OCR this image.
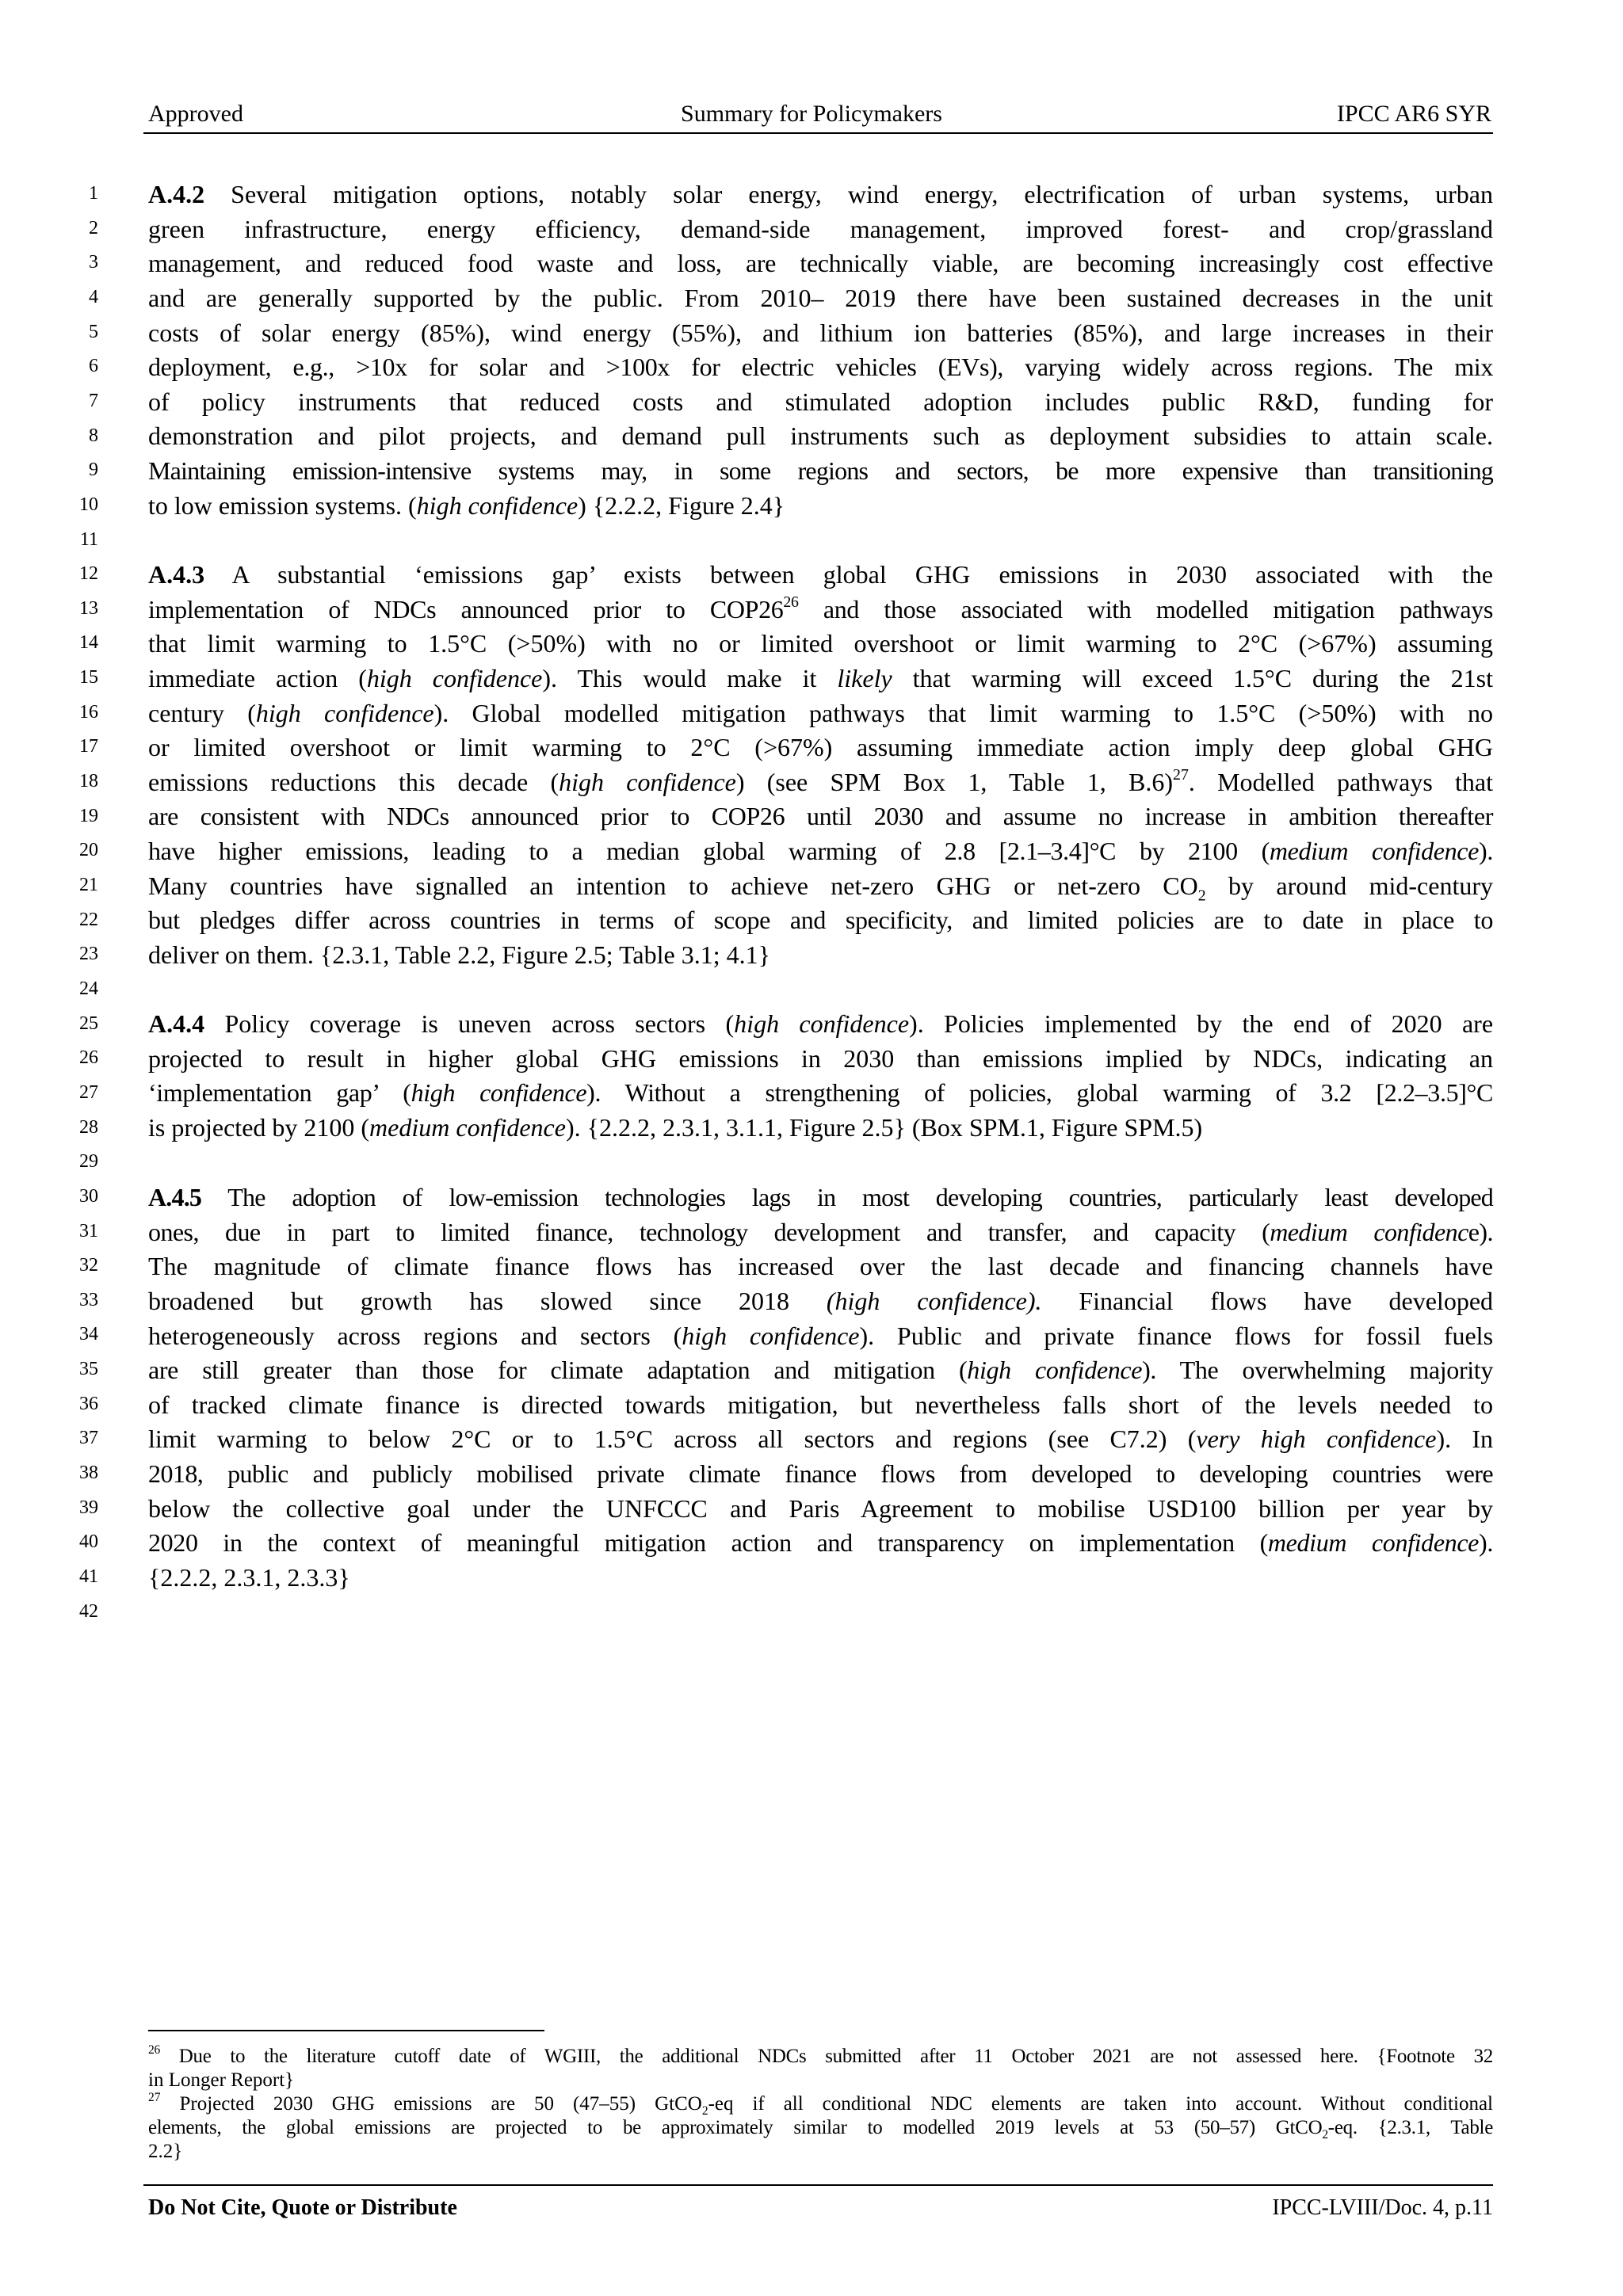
Approved	Summary for Policymakers	IPCC AR6 SYR
1
2
3
4
5
6
7
8
9
10
11
12
13
14
15
16
17
18
19
20
21
22
23
24
25
26
27
28
29
30
31
32
33
34
35
36
37
38
39
40
41
42
A.4.2 Several mitigation options, notably solar energy, wind energy, electrification of urban systems, urban
green infrastructure, energy efficiency, demand-side management, improved forest- and crop/grassland
management, and reduced food waste and loss, are technically viable, are becoming increasingly cost effective
and are generally supported by the public. From 2010– 2019 there have been sustained decreases in the unit
costs of solar energy (85%), wind energy (55%), and lithium ion batteries (85%), and large increases in their
deployment, e.g., >10x for solar and >100x for electric vehicles (EVs), varying widely across regions. The mix
of policy instruments that reduced costs and stimulated adoption includes public R&D, funding for
demonstration and pilot projects, and demand pull instruments such as deployment subsidies to attain scale.
Maintaining emission-intensive systems may, in some regions and sectors, be more expensive than transitioning
to low emission systems. (high confidence) {2.2.2, Figure 2.4}
A.4.3 A substantial ‘emissions gap’ exists between global GHG emissions in 2030 associated with the
implementation of NDCs announced prior to $COP26^{26}$ and those associated with modelled mitigation pathways
that limit warming to 1.5°C (>50%) with no or limited overshoot or limit warming to 2°C (>67%) assuming
immediate action (high confidence). This would make it likely that warming will exceed 1.5°C during the 21st
century (high confidence). Global modelled mitigation pathways that limit warming to 1.5°C (>50%) with no
or limited overshoot or limit warming to 2°C (>67%) assuming immediate action imply deep global GHG
emissions reductions this decade (high confidence) (see SPM Box 1, Table 1, B.6)$^{27}$. Modelled pathways that
are consistent with NDCs announced prior to COP26 until 2030 and assume no increase in ambition thereafter
have higher emissions, leading to a median global warming of 2.8 [2.1–3.4]°C by 2100 (medium confidence).
Many countries have signalled an intention to achieve net-zero GHG or net-zero $CO_2$ by around mid-century
but pledges differ across countries in terms of scope and specificity, and limited policies are to date in place to
deliver on them. {2.3.1, Table 2.2, Figure 2.5; Table 3.1; 4.1}
A.4.4 Policy coverage is uneven across sectors (high confidence). Policies implemented by the end of 2020 are
projected to result in higher global GHG emissions in 2030 than emissions implied by NDCs, indicating an
‘implementation gap’ (high confidence). Without a strengthening of policies, global warming of 3.2 [2.2–3.5]°C
is projected by 2100 (medium confidence). {2.2.2, 2.3.1, 3.1.1, Figure 2.5} (Box SPM.1, Figure SPM.5)
A.4.5 The adoption of low-emission technologies lags in most developing countries, particularly least developed
ones, due in part to limited finance, technology development and transfer, and capacity (medium confidence).
The magnitude of climate finance flows has increased over the last decade and financing channels have
broadened but growth has slowed since 2018 (high confidence). Financial flows have developed
heterogeneously across regions and sectors (high confidence). Public and private finance flows for fossil fuels
are still greater than those for climate adaptation and mitigation (high confidence). The overwhelming majority
of tracked climate finance is directed towards mitigation, but nevertheless falls short of the levels needed to
limit warming to below 2°C or to 1.5°C across all sectors and regions (see C7.2) (very high confidence). In
2018, public and publicly mobilised private climate finance flows from developed to developing countries were
below the collective goal under the UNFCCC and Paris Agreement to mobilise USD100 billion per year by
2020 in the context of meaningful mitigation action and transparency on implementation (medium confidence).
{2.2.2, 2.3.1, 2.3.3}
$^{26}$ Due to the literature cutoff date of WGIII, the additional NDCs submitted after 11 October 2021 are not assessed here. {Footnote 32
in Longer Report}
$^{27}$ Projected 2030 GHG emissions are 50 (47–55) GtCO$_2$-eq if all conditional NDC elements are taken into account. Without conditional
elements, the global emissions are projected to be approximately similar to modelled 2019 levels at 53 (50–57) GtCO$_2$-eq. {2.3.1, Table
2.2}
Do Not Cite, Quote or Distribute	IPCC-LVIII/Doc. 4, p.11
